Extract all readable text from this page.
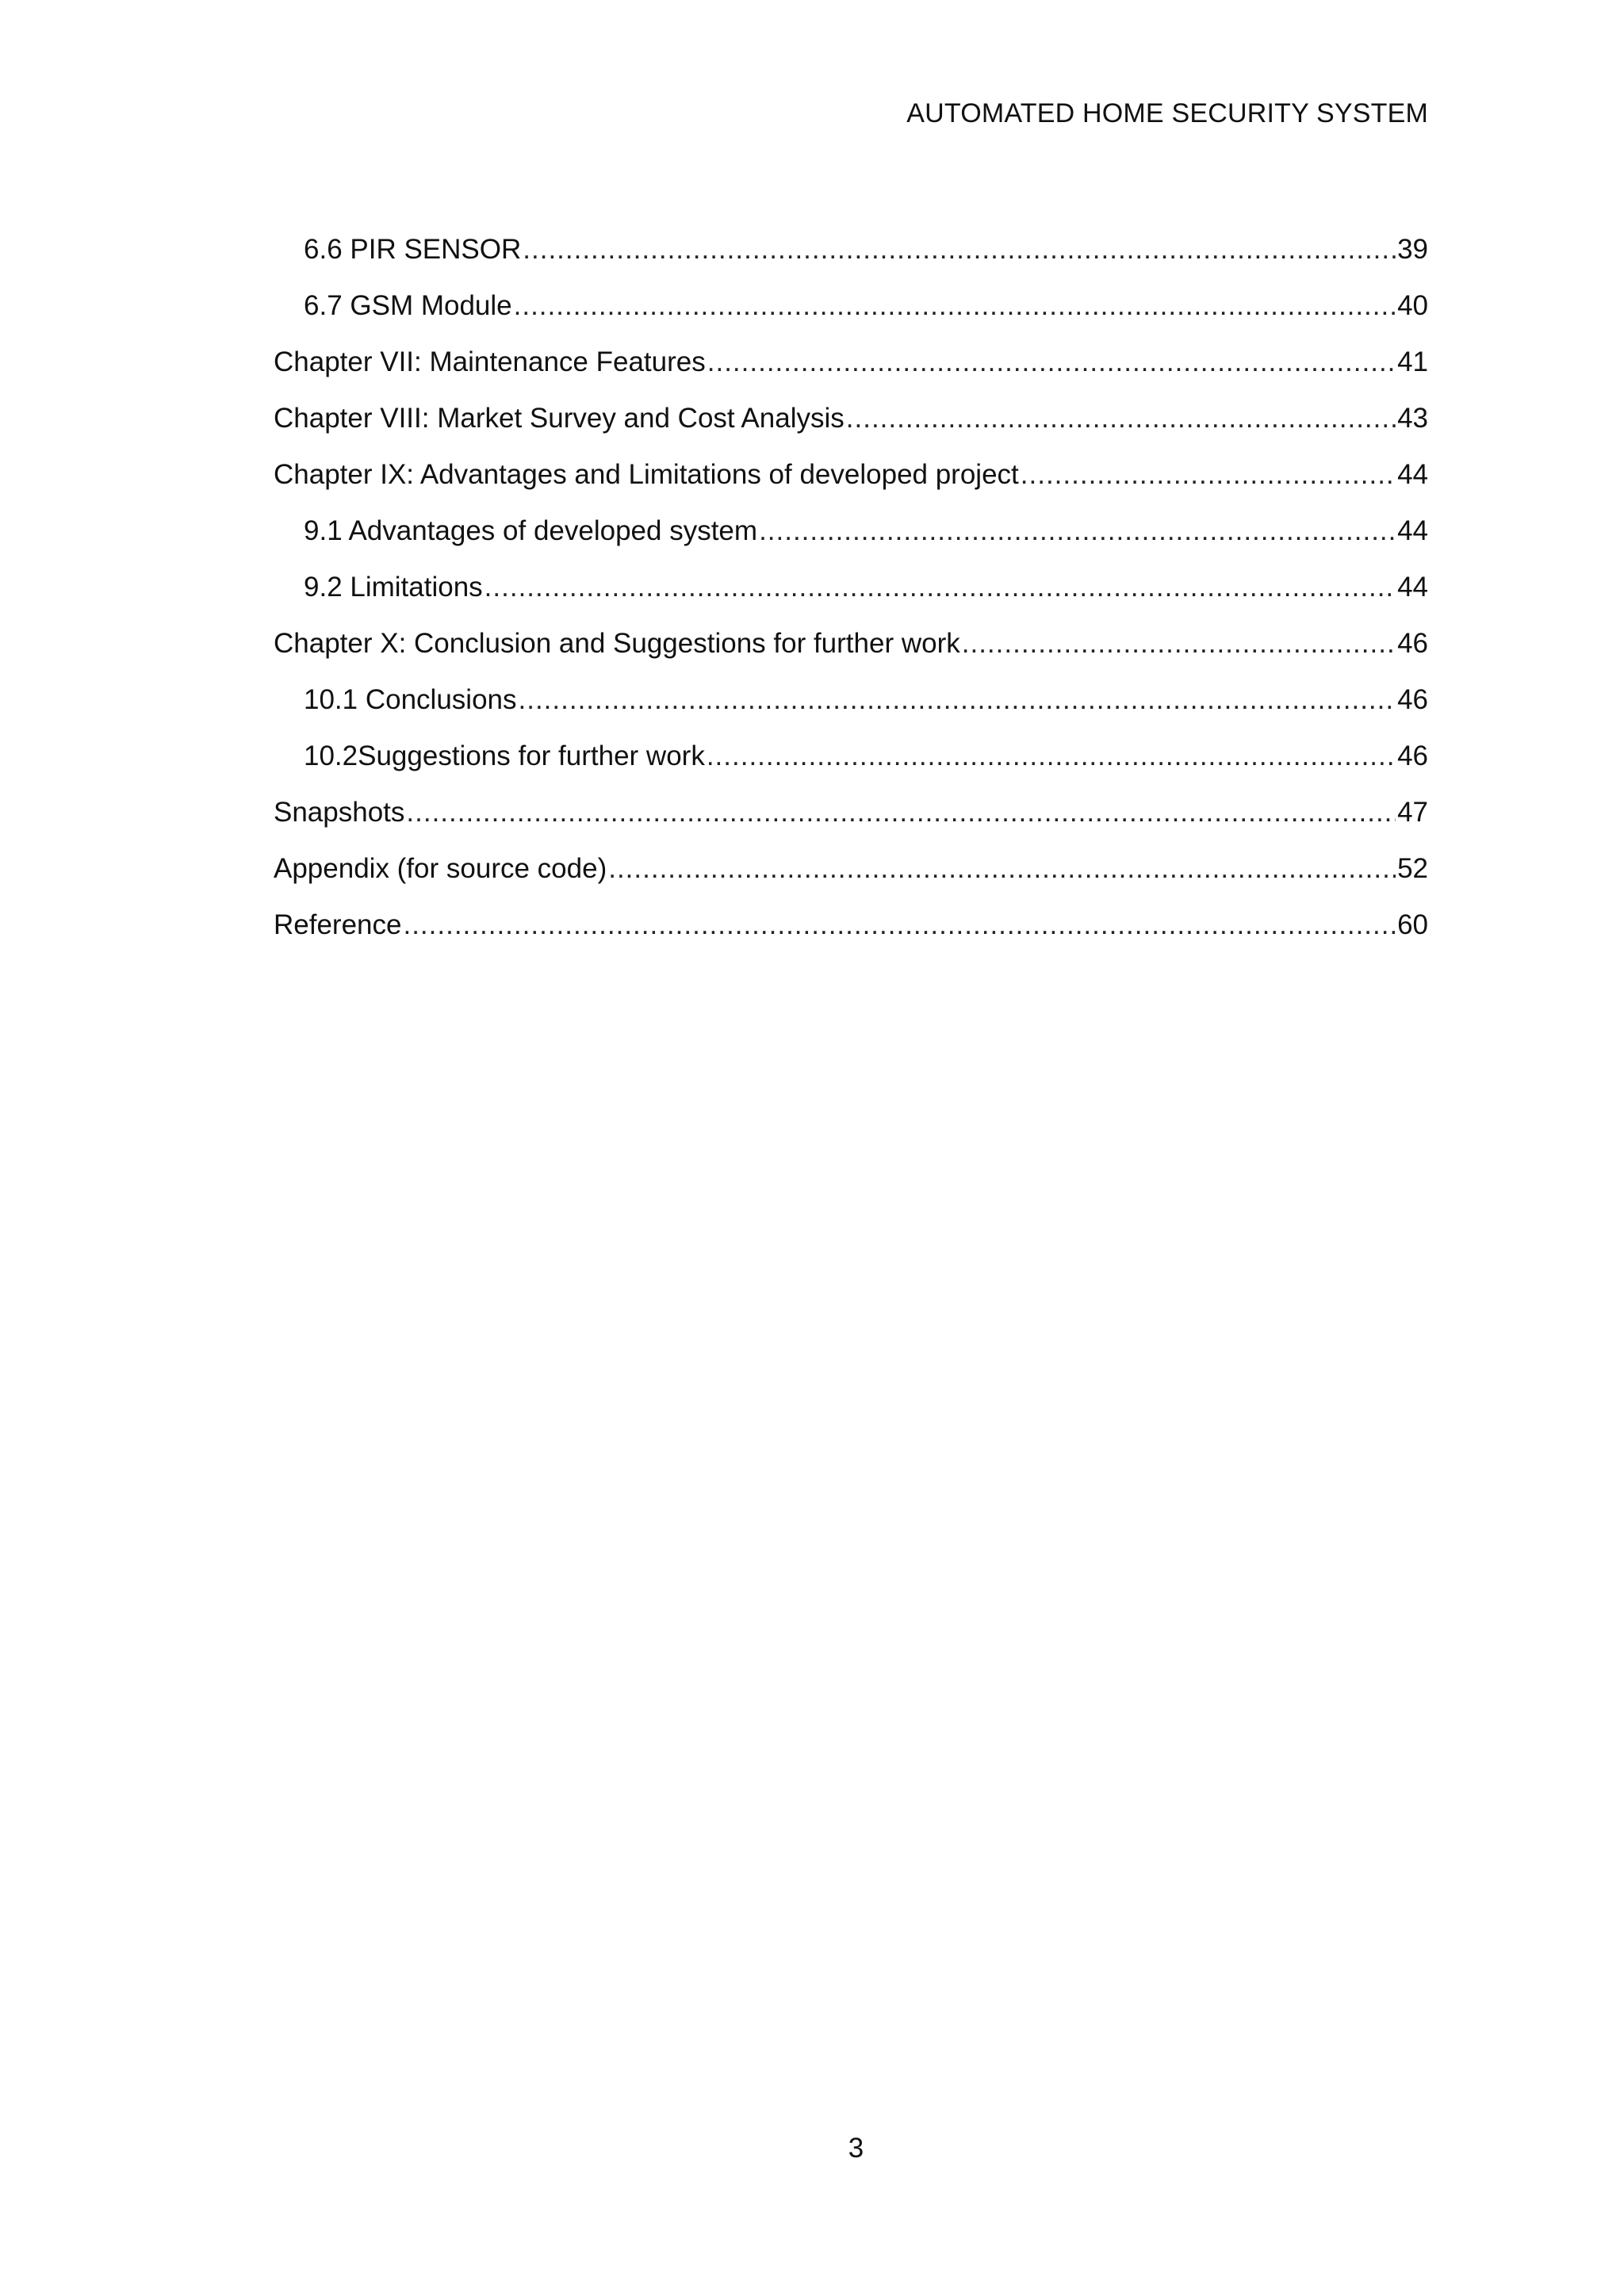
AUTOMATED HOME SECURITY SYSTEM
6.6 PIR SENSOR .....	39
6.7 GSM Module .....	40
Chapter VII: Maintenance Features .....	41
Chapter VIII: Market Survey and Cost Analysis .....	43
Chapter IX: Advantages and Limitations of developed project .....	44
9.1 Advantages of developed system .....	44
9.2 Limitations .....	44
Chapter X: Conclusion and Suggestions for further work .....	46
10.1 Conclusions .....	46
10.2Suggestions for further work .....	46
Snapshots .....	47
Appendix (for source code) .....	52
Reference .....	60
3
